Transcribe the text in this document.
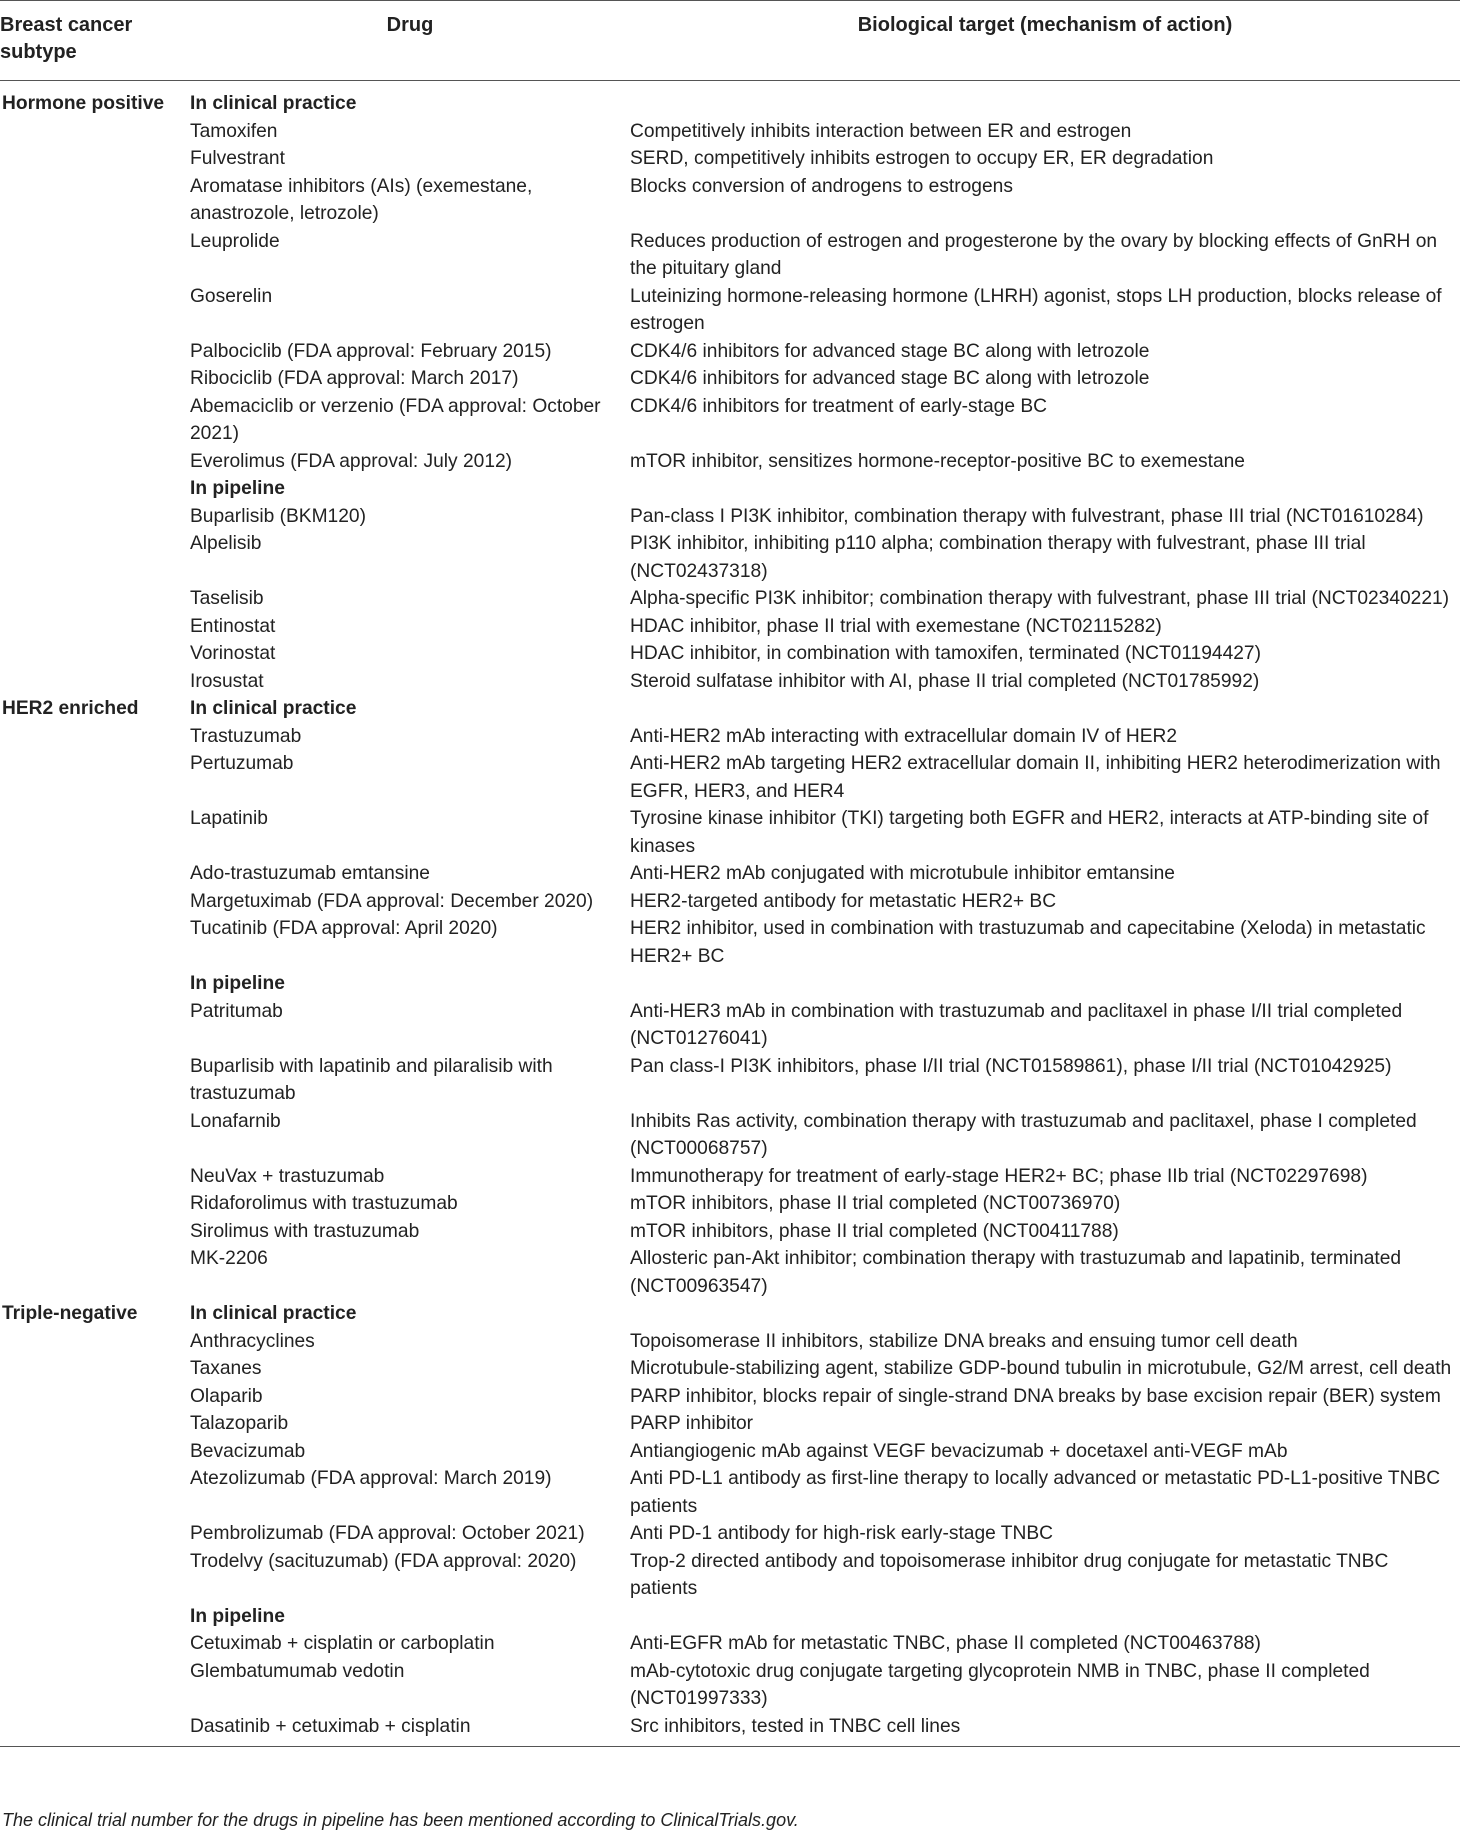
Breast cancer subtype	Drug	Biological target (mechanism of action)
Hormone positive	In clinical practice	
	Tamoxifen	Competitively inhibits interaction between ER and estrogen
	Fulvestrant	SERD, competitively inhibits estrogen to occupy ER, ER degradation
	Aromatase inhibitors (AIs) (exemestane, anastrozole, letrozole)	Blocks conversion of androgens to estrogens
	Leuprolide	Reduces production of estrogen and progesterone by the ovary by blocking effects of GnRH on the pituitary gland
	Goserelin	Luteinizing hormone-releasing hormone (LHRH) agonist, stops LH production, blocks release of estrogen
	Palbociclib (FDA approval: February 2015)	CDK4/6 inhibitors for advanced stage BC along with letrozole
	Ribociclib (FDA approval: March 2017)	CDK4/6 inhibitors for advanced stage BC along with letrozole
	Abemaciclib or verzenio (FDA approval: October 2021)	CDK4/6 inhibitors for treatment of early-stage BC
	Everolimus (FDA approval: July 2012)	mTOR inhibitor, sensitizes hormone-receptor-positive BC to exemestane
	In pipeline	
	Buparlisib (BKM120)	Pan-class I PI3K inhibitor, combination therapy with fulvestrant, phase III trial (NCT01610284)
	Alpelisib	PI3K inhibitor, inhibiting p110 alpha; combination therapy with fulvestrant, phase III trial (NCT02437318)
	Taselisib	Alpha-specific PI3K inhibitor; combination therapy with fulvestrant, phase III trial (NCT02340221)
	Entinostat	HDAC inhibitor, phase II trial with exemestane (NCT02115282)
	Vorinostat	HDAC inhibitor, in combination with tamoxifen, terminated (NCT01194427)
	Irosustat	Steroid sulfatase inhibitor with AI, phase II trial completed (NCT01785992)
HER2 enriched	In clinical practice	
	Trastuzumab	Anti-HER2 mAb interacting with extracellular domain IV of HER2
	Pertuzumab	Anti-HER2 mAb targeting HER2 extracellular domain II, inhibiting HER2 heterodimerization with EGFR, HER3, and HER4
	Lapatinib	Tyrosine kinase inhibitor (TKI) targeting both EGFR and HER2, interacts at ATP-binding site of kinases
	Ado-trastuzumab emtansine	Anti-HER2 mAb conjugated with microtubule inhibitor emtansine
	Margetuximab (FDA approval: December 2020)	HER2-targeted antibody for metastatic HER2+ BC
	Tucatinib (FDA approval: April 2020)	HER2 inhibitor, used in combination with trastuzumab and capecitabine (Xeloda) in metastatic HER2+ BC
	In pipeline	
	Patritumab	Anti-HER3 mAb in combination with trastuzumab and paclitaxel in phase I/II trial completed (NCT01276041)
	Buparlisib with lapatinib and pilaralisib with trastuzumab	Pan class-I PI3K inhibitors, phase I/II trial (NCT01589861), phase I/II trial (NCT01042925)
	Lonafarnib	Inhibits Ras activity, combination therapy with trastuzumab and paclitaxel, phase I completed (NCT00068757)
	NeuVax + trastuzumab	Immunotherapy for treatment of early-stage HER2+ BC; phase IIb trial (NCT02297698)
	Ridaforolimus with trastuzumab	mTOR inhibitors, phase II trial completed (NCT00736970)
	Sirolimus with trastuzumab	mTOR inhibitors, phase II trial completed (NCT00411788)
	MK-2206	Allosteric pan-Akt inhibitor; combination therapy with trastuzumab and lapatinib, terminated (NCT00963547)
Triple-negative	In clinical practice	
	Anthracyclines	Topoisomerase II inhibitors, stabilize DNA breaks and ensuing tumor cell death
	Taxanes	Microtubule-stabilizing agent, stabilize GDP-bound tubulin in microtubule, G2/M arrest, cell death
	Olaparib	PARP inhibitor, blocks repair of single-strand DNA breaks by base excision repair (BER) system
	Talazoparib	PARP inhibitor
	Bevacizumab	Antiangiogenic mAb against VEGF bevacizumab + docetaxel anti-VEGF mAb
	Atezolizumab (FDA approval: March 2019)	Anti PD-L1 antibody as first-line therapy to locally advanced or metastatic PD-L1-positive TNBC patients
	Pembrolizumab (FDA approval: October 2021)	Anti PD-1 antibody for high-risk early-stage TNBC
	Trodelvy (sacituzumab) (FDA approval: 2020)	Trop-2 directed antibody and topoisomerase inhibitor drug conjugate for metastatic TNBC patients
	In pipeline	
	Cetuximab + cisplatin or carboplatin	Anti-EGFR mAb for metastatic TNBC, phase II completed (NCT00463788)
	Glembatumumab vedotin	mAb-cytotoxic drug conjugate targeting glycoprotein NMB in TNBC, phase II completed (NCT01997333)
	Dasatinib + cetuximab + cisplatin	Src inhibitors, tested in TNBC cell lines
The clinical trial number for the drugs in pipeline has been mentioned according to ClinicalTrials.gov.
